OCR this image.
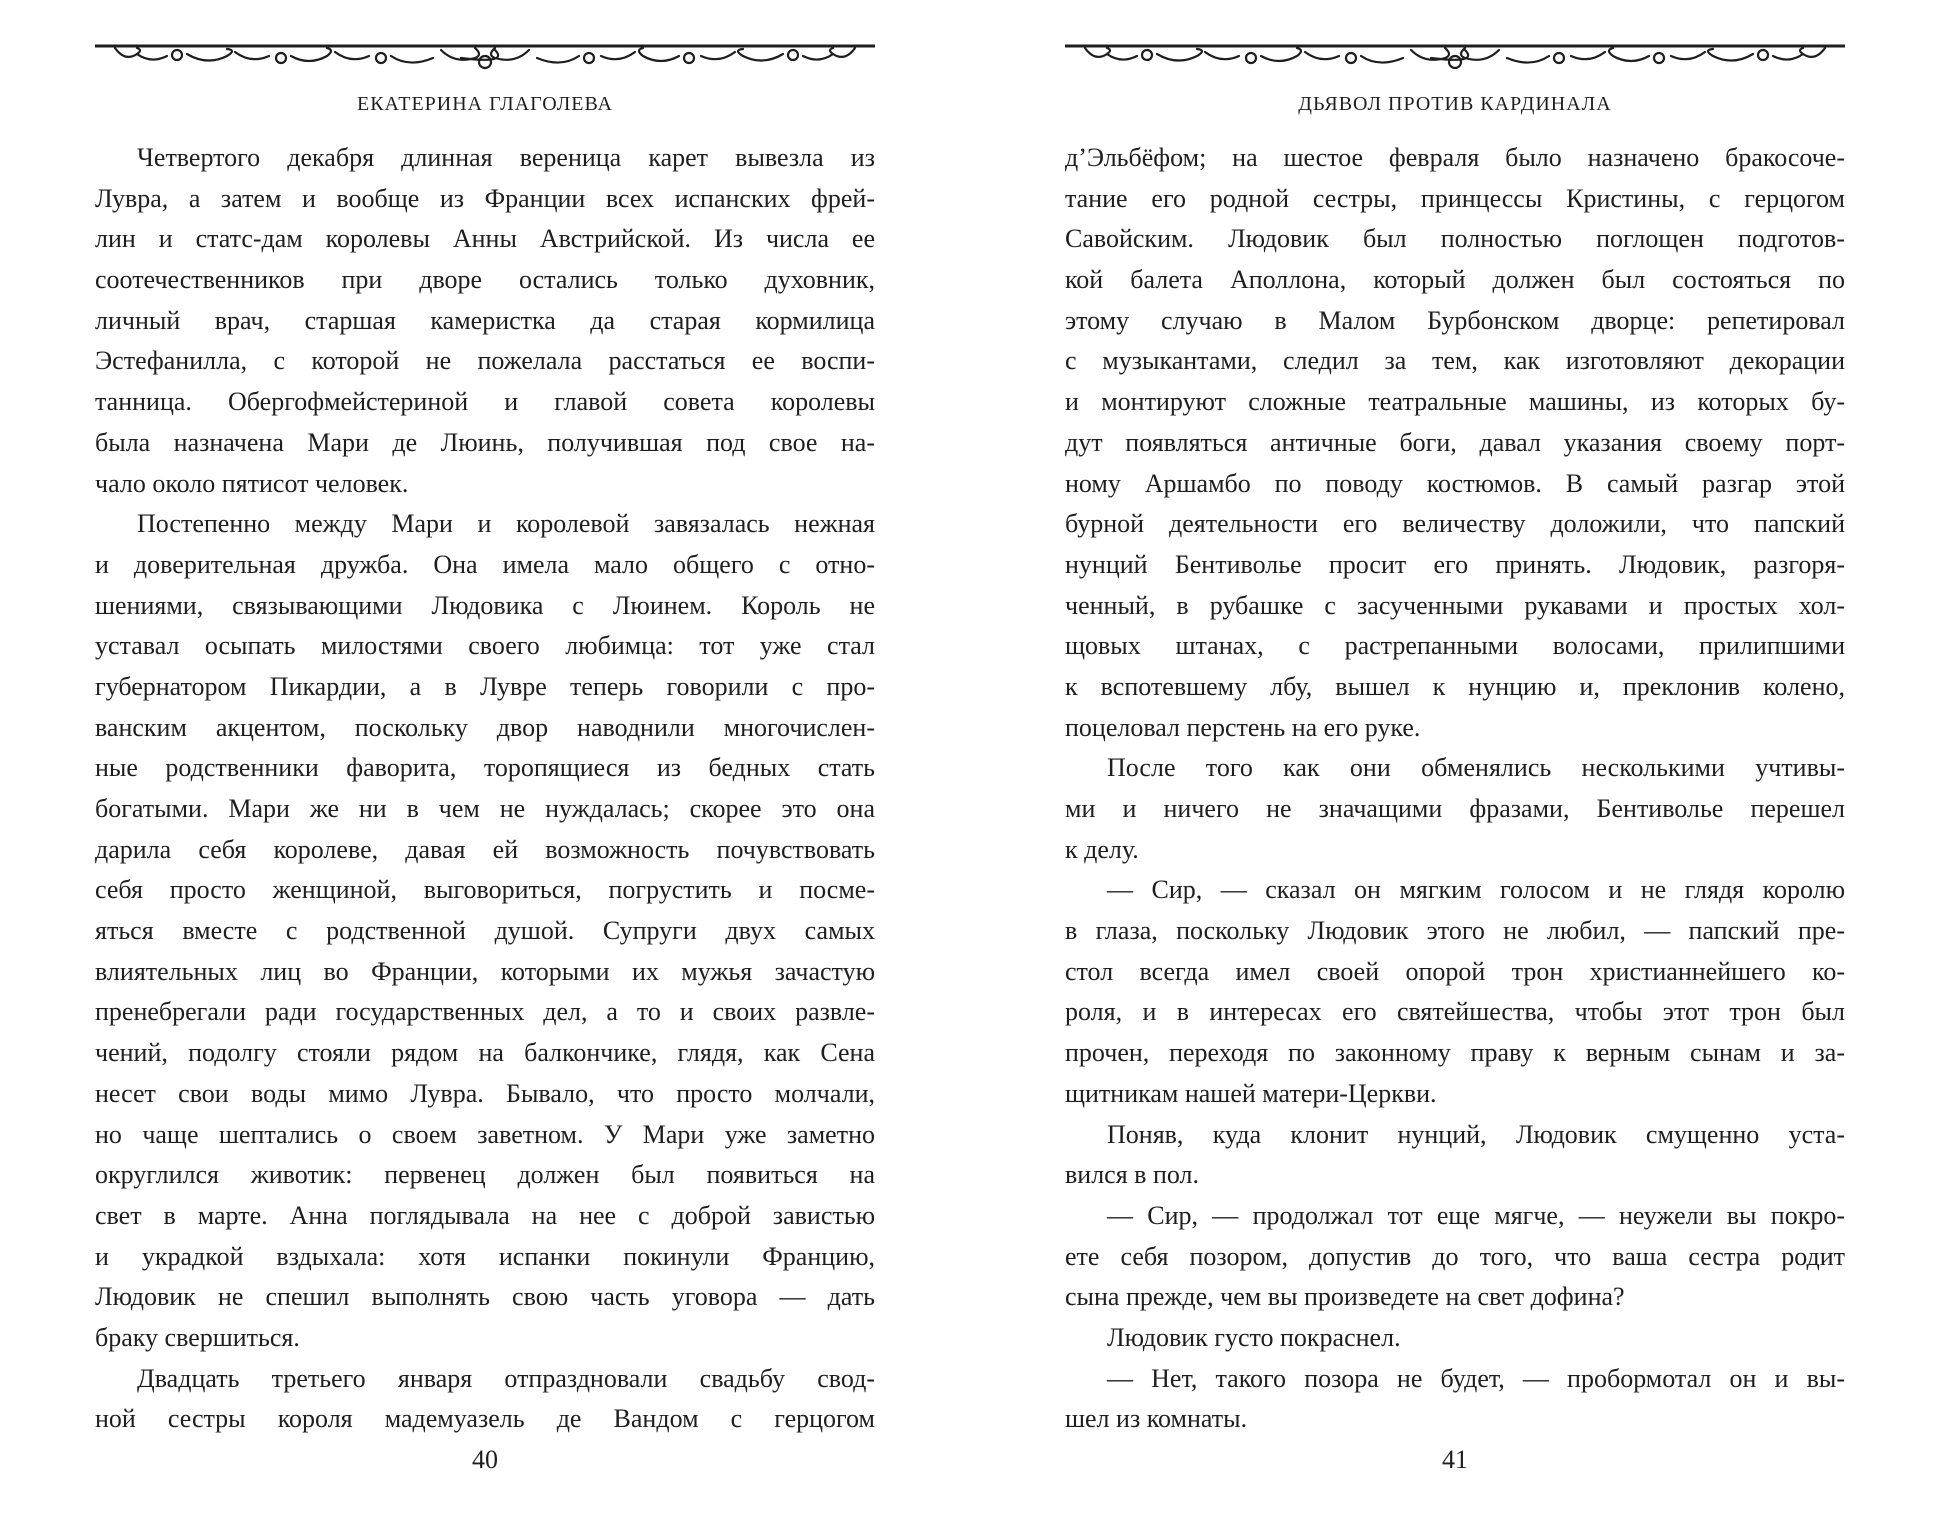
ЕКАТЕРИНА ГЛАГОЛЕВА
Четвертого декабря длинная вереница карет вывезла из
Лувра, а затем и вообще из Франции всех испанских фрей-
лин и статс-дам королевы Анны Австрийской. Из числа ее
соотечественников при дворе остались только духовник,
личный врач, старшая камеристка да старая кормилица
Эстефанилла, с которой не пожелала расстаться ее воспи-
танница. Обергофмейстериной и главой совета королевы
была назначена Мари де Люинь, получившая под свое на-
чало около пятисот человек.
Постепенно между Мари и королевой завязалась нежная
и доверительная дружба. Она имела мало общего с отно-
шениями, связывающими Людовика с Люинем. Король не
уставал осыпать милостями своего любимца: тот уже стал
губернатором Пикардии, а в Лувре теперь говорили с про-
ванским акцентом, поскольку двор наводнили многочислен-
ные родственники фаворита, торопящиеся из бедных стать
богатыми. Мари же ни в чем не нуждалась; скорее это она
дарила себя королеве, давая ей возможность почувствовать
себя просто женщиной, выговориться, погрустить и посме-
яться вместе с родственной душой. Супруги двух самых
влиятельных лиц во Франции, которыми их мужья зачастую
пренебрегали ради государственных дел, а то и своих развле-
чений, подолгу стояли рядом на балкончике, глядя, как Сена
несет свои воды мимо Лувра. Бывало, что просто молчали,
но чаще шептались о своем заветном. У Мари уже заметно
округлился животик: первенец должен был появиться на
свет в марте. Анна поглядывала на нее с доброй завистью
и украдкой вздыхала: хотя испанки покинули Францию,
Людовик не спешил выполнять свою часть уговора — дать
браку свершиться.
Двадцать третьего января отпраздновали свадьбу свод-
ной сестры короля мадемуазель де Вандом с герцогом
40
ДЬЯВОЛ ПРОТИВ КАРДИНАЛА
д’Эльбёфом; на шестое февраля было назначено бракосоче-
тание его родной сестры, принцессы Кристины, с герцогом
Савойским. Людовик был полностью поглощен подготов-
кой балета Аполлона, который должен был состояться по
этому случаю в Малом Бурбонском дворце: репетировал
с музыкантами, следил за тем, как изготовляют декорации
и монтируют сложные театральные машины, из которых бу-
дут появляться античные боги, давал указания своему порт-
ному Аршамбо по поводу костюмов. В самый разгар этой
бурной деятельности его величеству доложили, что папский
нунций Бентиволье просит его принять. Людовик, разгоря-
ченный, в рубашке с засученными рукавами и простых хол-
щовых штанах, с растрепанными волосами, прилипшими
к вспотевшему лбу, вышел к нунцию и, преклонив колено,
поцеловал перстень на его руке.
После того как они обменялись несколькими учтивы-
ми и ничего не значащими фразами, Бентиволье перешел
к делу.
— Сир, — сказал он мягким голосом и не глядя королю
в глаза, поскольку Людовик этого не любил, — папский пре-
стол всегда имел своей опорой трон христианнейшего ко-
роля, и в интересах его святейшества, чтобы этот трон был
прочен, переходя по законному праву к верным сынам и за-
щитникам нашей матери-Церкви.
Поняв, куда клонит нунций, Людовик смущенно уста-
вился в пол.
— Сир, — продолжал тот еще мягче, — неужели вы покро-
ете себя позором, допустив до того, что ваша сестра родит
сына прежде, чем вы произведете на свет дофина?
Людовик густо покраснел.
— Нет, такого позора не будет, — пробормотал он и вы-
шел из комнаты.
41
